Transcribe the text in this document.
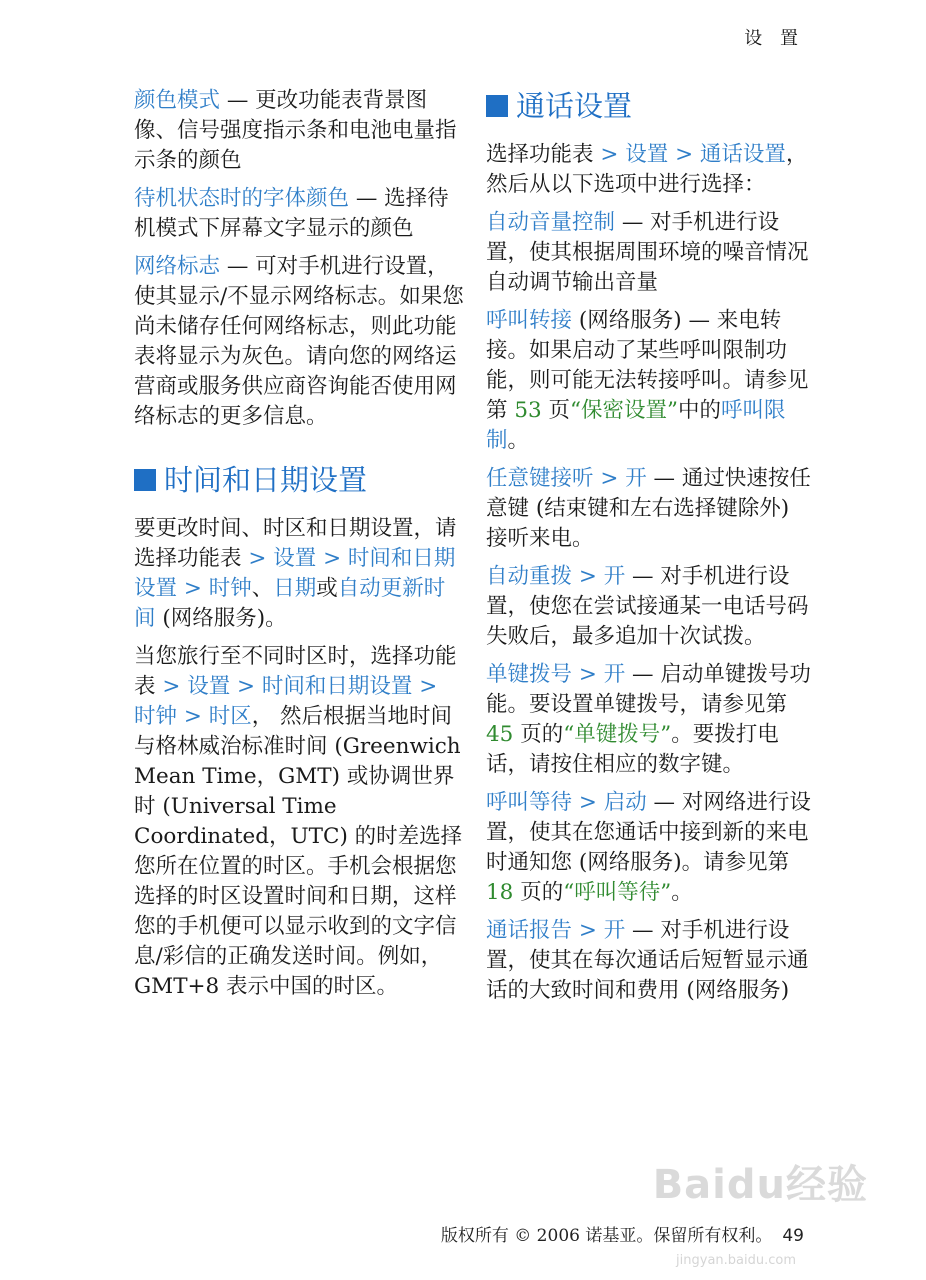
设 置

颜色模式 — 更改功能表背景图像、信号强度指示条和电池电量指示条的颜色

待机状态时的字体颜色 — 选择待机模式下屏幕文字显示的颜色

网络标志 — 可对手机进行设置，使其显示/不显示网络标志。如果您尚未储存任何网络标志，则此功能表将显示为灰色。请向您的网络运营商或服务供应商咨询能否使用网络标志的更多信息。

时间和日期设置

要更改时间、时区和日期设置，请选择功能表 > 设置 > 时间和日期设置 > 时钟、日期或自动更新时间 (网络服务)。

当您旅行至不同时区时，选择功能表 > 设置 > 时间和日期设置 > 时钟 > 时区， 然后根据当地时间与格林威治标准时间 (Greenwich Mean Time，GMT) 或协调世界时 (Universal Time Coordinated，UTC) 的时差选择您所在位置的时区。手机会根据您选择的时区设置时间和日期，这样您的手机便可以显示收到的文字信息/彩信的正确发送时间。例如，GMT+8 表示中国的时区。

通话设置

选择功能表 > 设置 > 通话设置，然后从以下选项中进行选择：

自动音量控制 — 对手机进行设置，使其根据周围环境的噪音情况自动调节输出音量

呼叫转接 (网络服务) — 来电转接。如果启动了某些呼叫限制功能，则可能无法转接呼叫。请参见第 53 页“保密设置”中的呼叫限制。

任意键接听 > 开 — 通过快速按任意键 (结束键和左右选择键除外) 接听来电。

自动重拨 > 开 — 对手机进行设置，使您在尝试接通某一电话号码失败后，最多追加十次试拨。

单键拨号 > 开 — 启动单键拨号功能。要设置单键拨号，请参见第 45 页的“单键拨号”。要拨打电话，请按住相应的数字键。

呼叫等待 > 启动 — 对网络进行设置，使其在您通话中接到新的来电时通知您 (网络服务)。请参见第 18 页的“呼叫等待”。

通话报告 > 开 — 对手机进行设置，使其在每次通话后短暂显示通话的大致时间和费用 (网络服务)

Baidu经验
jingyan.baidu.com
版权所有 © 2006 诺基亚。保留所有权利。 49
